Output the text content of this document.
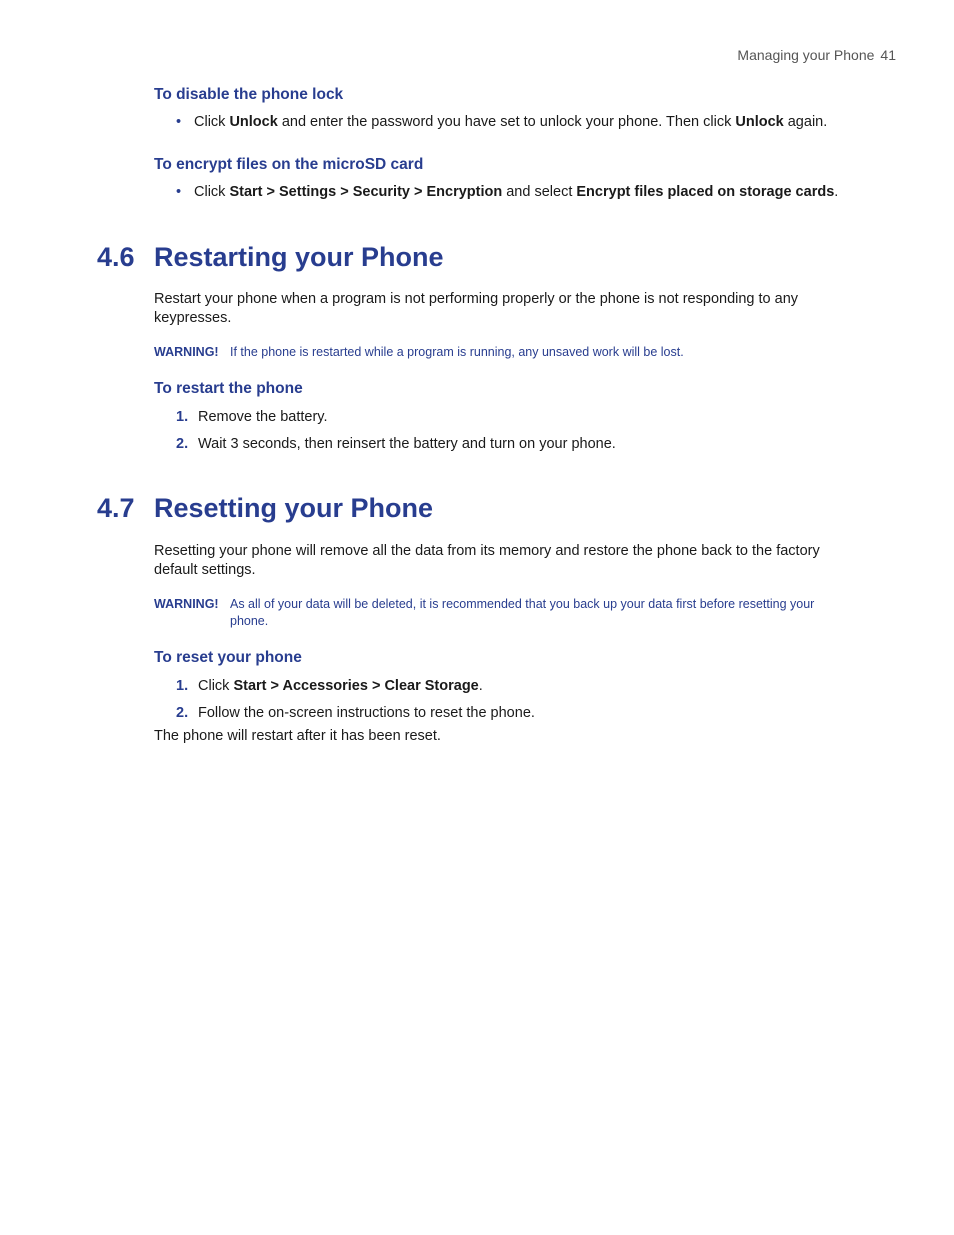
Managing your Phone 41
To disable the phone lock
• Click Unlock and enter the password you have set to unlock your phone. Then click Unlock again.
To encrypt files on the microSD card
• Click Start > Settings > Security > Encryption and select Encrypt files placed on storage cards.
4.6 Restarting your Phone
Restart your phone when a program is not performing properly or the phone is not responding to any keypresses.
WARNING! If the phone is restarted while a program is running, any unsaved work will be lost.
To restart the phone
1. Remove the battery.
2. Wait 3 seconds, then reinsert the battery and turn on your phone.
4.7 Resetting your Phone
Resetting your phone will remove all the data from its memory and restore the phone back to the factory default settings.
WARNING! As all of your data will be deleted, it is recommended that you back up your data first before resetting your phone.
To reset your phone
1. Click Start > Accessories > Clear Storage.
2. Follow the on-screen instructions to reset the phone.
The phone will restart after it has been reset.
